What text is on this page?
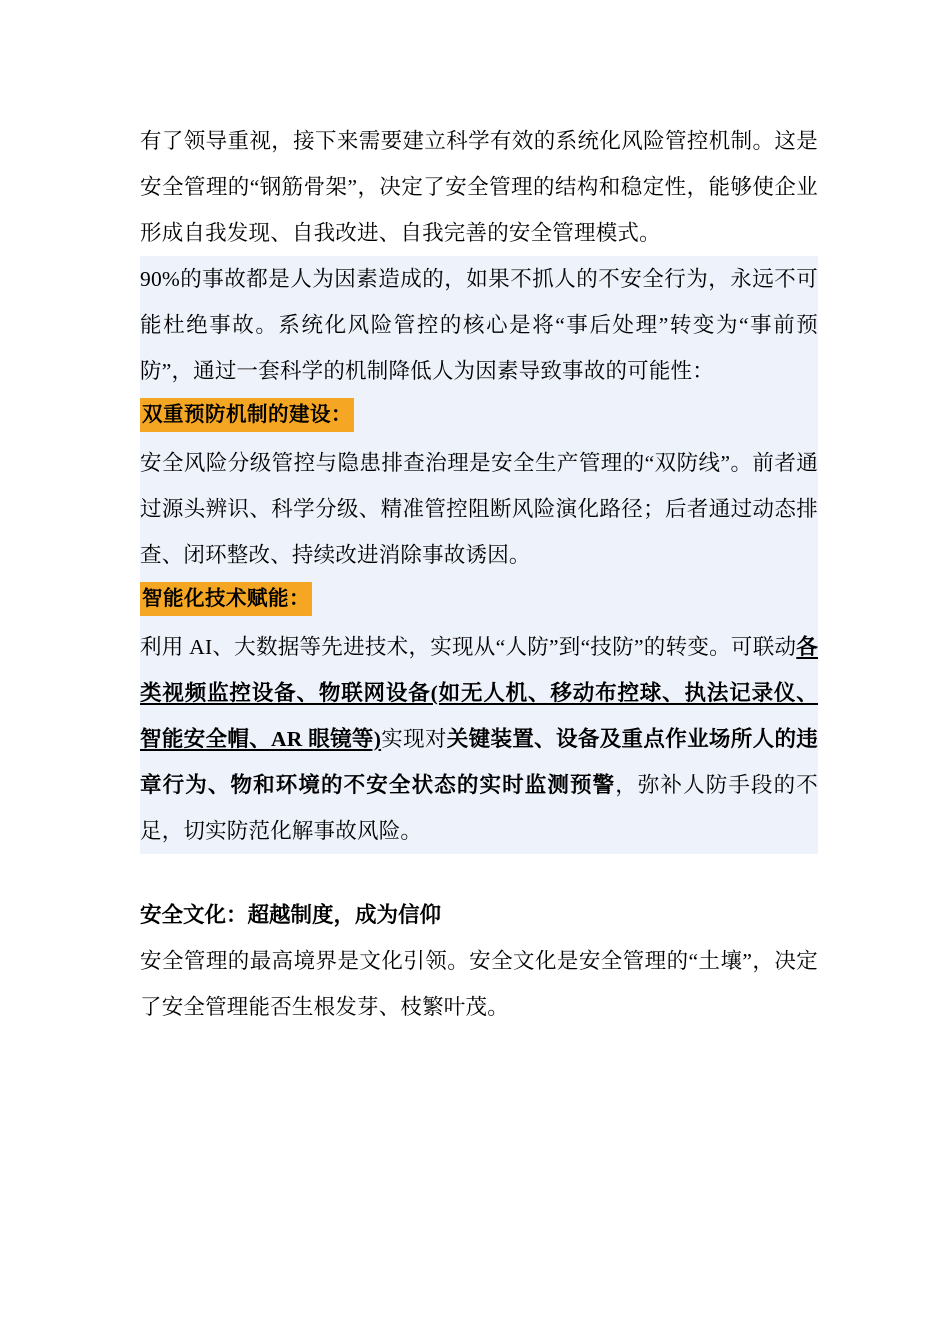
有了领导重视，接下来需要建立科学有效的系统化风险管控机制。这是安全管理的“钢筋骨架”，决定了安全管理的结构和稳定性，能够使企业形成自我发现、自我改进、自我完善的安全管理模式。

90%的事故都是人为因素造成的，如果不抓人的不安全行为，永远不可能杜绝事故。系统化风险管控的核心是将“事后处理”转变为“事前预防”，通过一套科学的机制降低人为因素导致事故的可能性：

双重预防机制的建设：

安全风险分级管控与隐患排查治理是安全生产管理的“双防线”。前者通过源头辨识、科学分级、精准管控阻断风险演化路径；后者通过动态排查、闭环整改、持续改进消除事故诱因。

智能化技术赋能：

利用 AI、大数据等先进技术，实现从“人防”到“技防”的转变。可联动各类视频监控设备、物联网设备(如无人机、移动布控球、执法记录仪、智能安全帽、AR 眼镜等)实现对关键装置、设备及重点作业场所人的违章行为、物和环境的不安全状态的实时监测预警，弥补人防手段的不足，切实防范化解事故风险。

安全文化：超越制度，成为信仰

安全管理的最高境界是文化引领。安全文化是安全管理的“土壤”，决定了安全管理能否生根发芽、枝繁叶茂。
